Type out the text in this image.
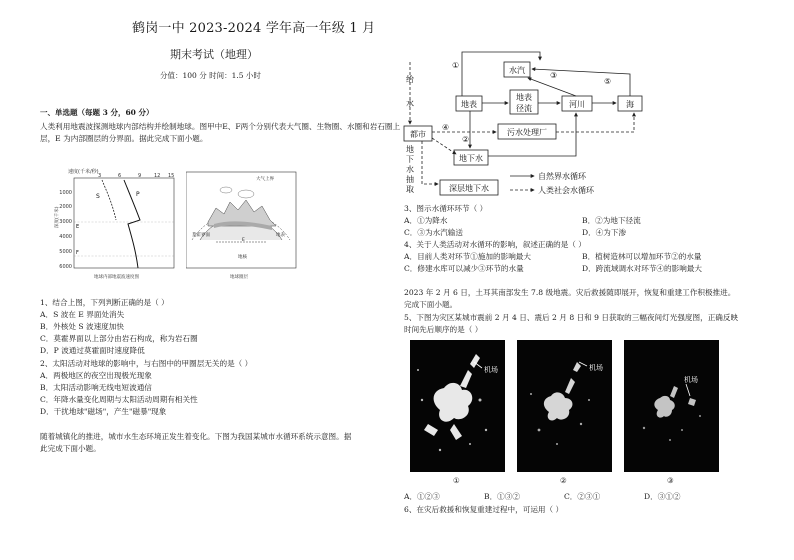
鹤岗一中 2023-2024 学年高一年级 1 月
期末考试（地理）
分值：100 分 时间：1.5 小时
一、单选题（每题 3 分，60 分）
人类利用地震波探测地球内部结构并绘制地球。图甲中E、F两个分别代表大气圈、生物圈、水圈和岩石圈上
层，E 为内部圈层的分界面。据此完成下面小题。
速度(千米/秒)
3	6	9	12 15
1000
2000
3000
4000
5000
6000
深度(千米)
S	P
E
F
地球内部地震波速度图
大气上界
莫霍界面
地核
地表
E
地球圈层
1、结合上图，下列判断正确的是（ ）
A．S 波在 E 界面处消失
B．外核处 S 波速度加快
C．莫霍界面以上部分由岩石构成，称为岩石圈
D．P 波通过莫霍面时速度降低
2、太阳活动对地球的影响中，与右图中的甲圈层无关的是（ ）
A．两极地区的夜空出现极光现象
B．太阳活动影响无线电短波通信
C．年降水量变化周期与太阳活动周期有相关性
D．干扰地球"磁场"，产生"磁暴"现象
随着城镇化的推进，城市水生态环境正发生着变化。下图为我国某城市水循环系统示意图。据
此完成下面小题。
水汽
地表
地表
径流	河川	海
都市	污水处理厂
地下水
深层地下水
①
②
③
④
⑤
给
水
地
下
水
抽
取
自然界水循环
人类社会水循环
3、图示水循环环节（ ）
A．①为降水	B．②为地下径流
C．③为水汽输送	D．④为下渗
4、关于人类活动对水循环的影响，叙述正确的是（ ）
A．目前人类对环节①施加的影响最大	B．植树造林可以增加环节②的水量
C．修建水库可以减少③环节的水量	D．跨流域调水对环节④的影响最大
2023 年 2 月 6 日，土耳其南部发生 7.8 级地震。灾后救援随即展开，恢复和重建工作积极推进。
完成下面小题。
5、下图为灾区某城市震前 2 月 4 日、震后 2 月 8 日和 9 日获取的三幅夜间灯光强度图，正确反映
时间先后顺序的是（ ）
机场	机场
机场
①	②	③
A．①②③	B．①③②	C．②③①	D．③①②
6、在灾后救援和恢复重建过程中，可运用（ ）
